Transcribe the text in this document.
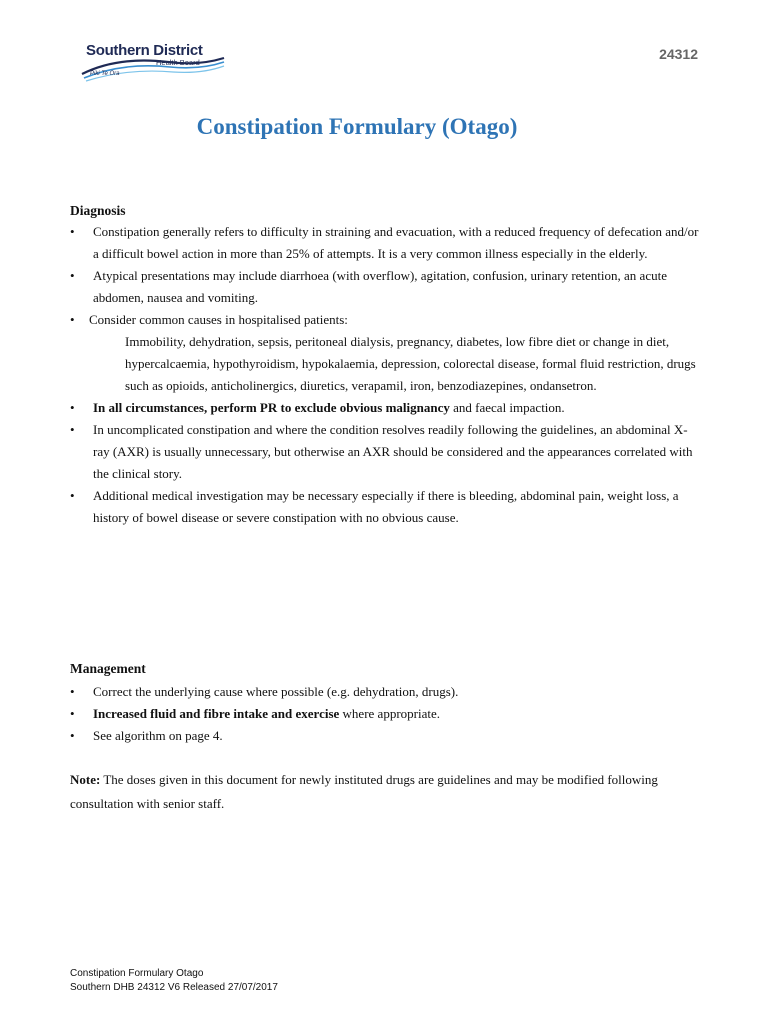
Southern District
Health Board
Piki Te Ora
24312
Constipation Formulary (Otago)
Diagnosis
• Constipation generally refers to difficulty in straining and evacuation, with a reduced frequency of defecation and/or a difficult bowel action in more than 25% of attempts. It is a very common illness especially in the elderly.
• Atypical presentations may include diarrhoea (with overflow), agitation, confusion, urinary retention, an acute abdomen, nausea and vomiting.
• Consider common causes in hospitalised patients:
Immobility, dehydration, sepsis, peritoneal dialysis, pregnancy, diabetes, low fibre diet or change in diet, hypercalcaemia, hypothyroidism, hypokalaemia, depression, colorectal disease, formal fluid restriction, drugs such as opioids, anticholinergics, diuretics, verapamil, iron, benzodiazepines, ondansetron.
• In all circumstances, perform PR to exclude obvious malignancy and faecal impaction.
• In uncomplicated constipation and where the condition resolves readily following the guidelines, an abdominal X-ray (AXR) is usually unnecessary, but otherwise an AXR should be considered and the appearances correlated with the clinical story.
• Additional medical investigation may be necessary especially if there is bleeding, abdominal pain, weight loss, a history of bowel disease or severe constipation with no obvious cause.
Management
• Correct the underlying cause where possible (e.g. dehydration, drugs).
• Increased fluid and fibre intake and exercise where appropriate.
• See algorithm on page 4.
Note: The doses given in this document for newly instituted drugs are guidelines and may be modified following consultation with senior staff.
Constipation Formulary Otago
Southern DHB 24312 V6 Released 27/07/2017
